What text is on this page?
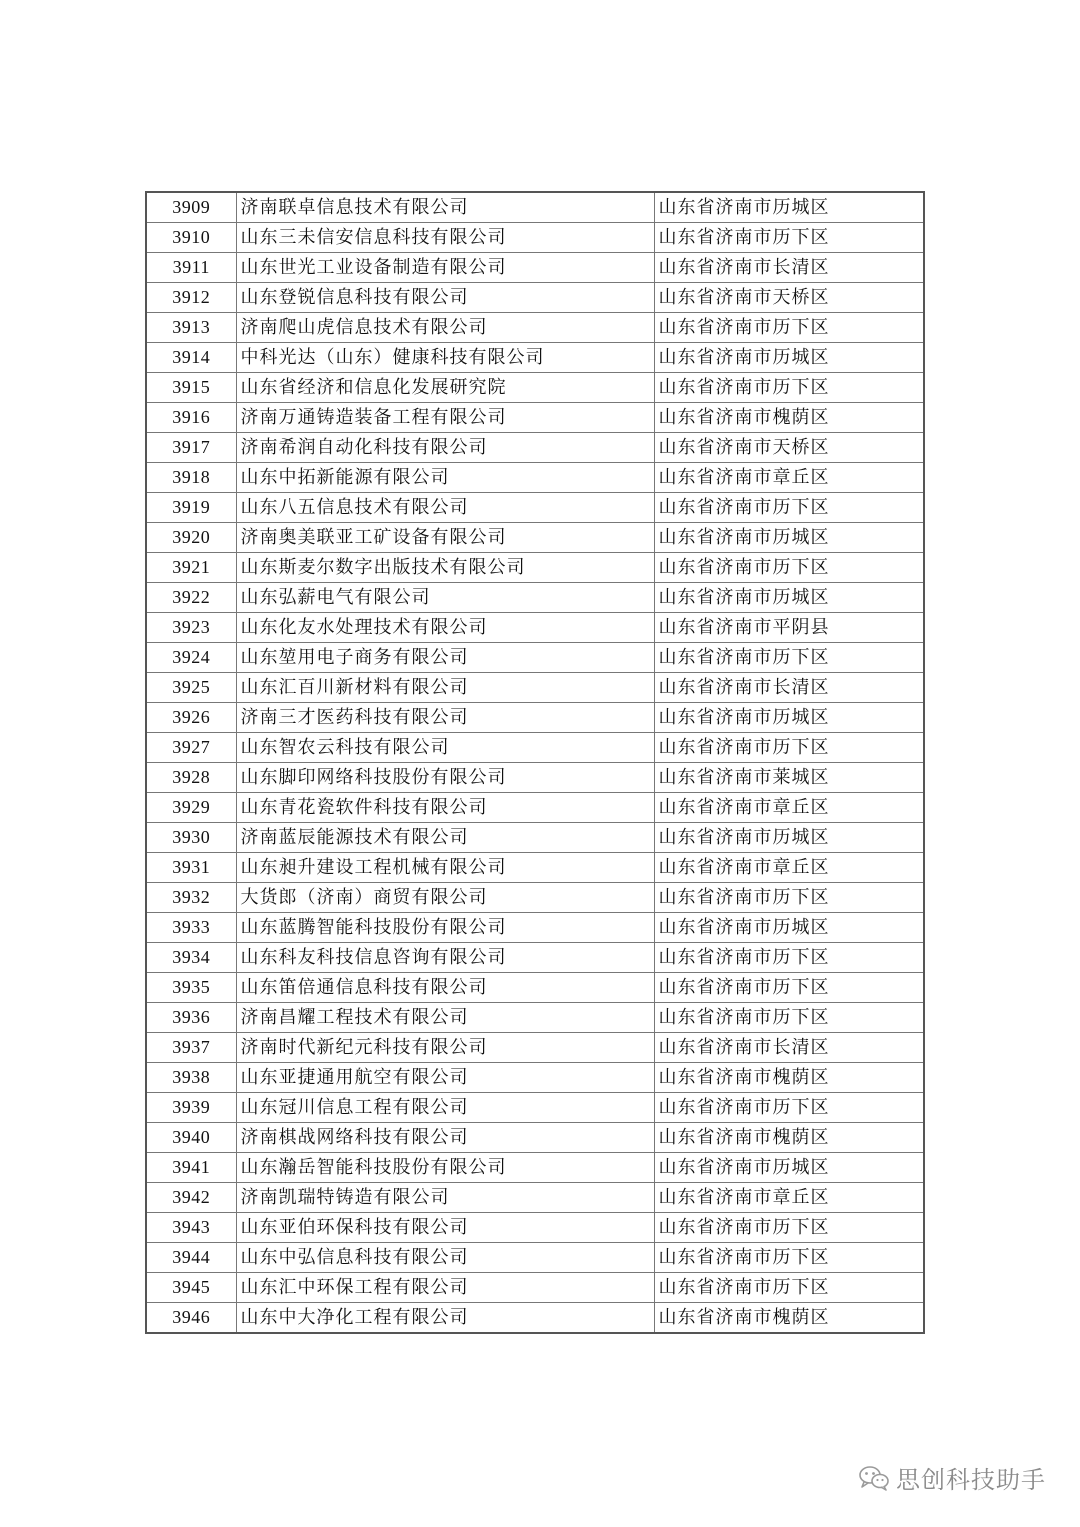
3909	济南联卓信息技术有限公司	山东省济南市历城区
3910	山东三未信安信息科技有限公司	山东省济南市历下区
3911	山东世光工业设备制造有限公司	山东省济南市长清区
3912	山东登锐信息科技有限公司	山东省济南市天桥区
3913	济南爬山虎信息技术有限公司	山东省济南市历下区
3914	中科光达（山东）健康科技有限公司	山东省济南市历城区
3915	山东省经济和信息化发展研究院	山东省济南市历下区
3916	济南万通铸造装备工程有限公司	山东省济南市槐荫区
3917	济南希润自动化科技有限公司	山东省济南市天桥区
3918	山东中拓新能源有限公司	山东省济南市章丘区
3919	山东八五信息技术有限公司	山东省济南市历下区
3920	济南奥美联亚工矿设备有限公司	山东省济南市历城区
3921	山东斯麦尔数字出版技术有限公司	山东省济南市历下区
3922	山东弘薪电气有限公司	山东省济南市历城区
3923	山东化友水处理技术有限公司	山东省济南市平阴县
3924	山东堃用电子商务有限公司	山东省济南市历下区
3925	山东汇百川新材料有限公司	山东省济南市长清区
3926	济南三才医药科技有限公司	山东省济南市历城区
3927	山东智农云科技有限公司	山东省济南市历下区
3928	山东脚印网络科技股份有限公司	山东省济南市莱城区
3929	山东青花瓷软件科技有限公司	山东省济南市章丘区
3930	济南蓝辰能源技术有限公司	山东省济南市历城区
3931	山东昶升建设工程机械有限公司	山东省济南市章丘区
3932	大货郎（济南）商贸有限公司	山东省济南市历下区
3933	山东蓝腾智能科技股份有限公司	山东省济南市历城区
3934	山东科友科技信息咨询有限公司	山东省济南市历下区
3935	山东笛倍通信息科技有限公司	山东省济南市历下区
3936	济南昌耀工程技术有限公司	山东省济南市历下区
3937	济南时代新纪元科技有限公司	山东省济南市长清区
3938	山东亚捷通用航空有限公司	山东省济南市槐荫区
3939	山东冠川信息工程有限公司	山东省济南市历下区
3940	济南棋战网络科技有限公司	山东省济南市槐荫区
3941	山东瀚岳智能科技股份有限公司	山东省济南市历城区
3942	济南凯瑞特铸造有限公司	山东省济南市章丘区
3943	山东亚伯环保科技有限公司	山东省济南市历下区
3944	山东中弘信息科技有限公司	山东省济南市历下区
3945	山东汇中环保工程有限公司	山东省济南市历下区
3946	山东中大净化工程有限公司	山东省济南市槐荫区
思创科技助手
